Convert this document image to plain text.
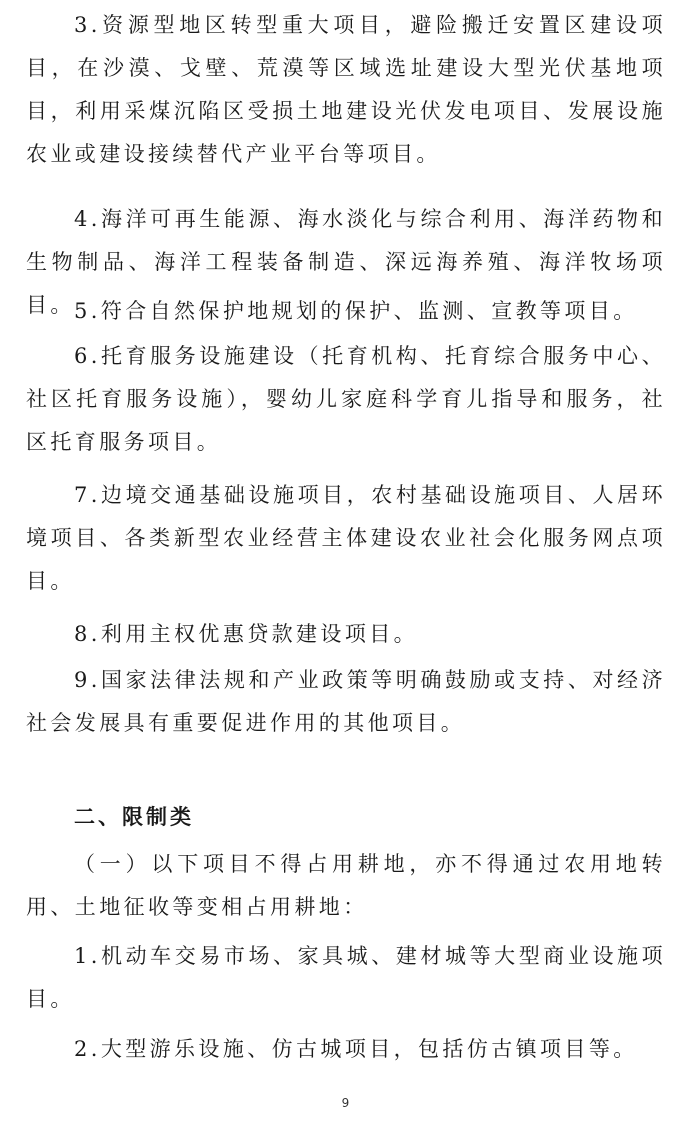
3.资源型地区转型重大项目，避险搬迁安置区建设项目，在沙漠、戈壁、荒漠等区域选址建设大型光伏基地项目，利用采煤沉陷区受损土地建设光伏发电项目、发展设施农业或建设接续替代产业平台等项目。

4.海洋可再生能源、海水淡化与综合利用、海洋药物和生物制品、海洋工程装备制造、深远海养殖、海洋牧场项目。 5.符合自然保护地规划的保护、监测、宣教等项目。

6.托育服务设施建设（托育机构、托育综合服务中心、社区托育服务设施），婴幼儿家庭科学育儿指导和服务，社区托育服务项目。

7.边境交通基础设施项目，农村基础设施项目、人居环境项目、各类新型农业经营主体建设农业社会化服务网点项目。

8.利用主权优惠贷款建设项目。

9.国家法律法规和产业政策等明确鼓励或支持、对经济社会发展具有重要促进作用的其他项目。

二、限制类

（一）以下项目不得占用耕地，亦不得通过农用地转用、土地征收等变相占用耕地：

1.机动车交易市场、家具城、建材城等大型商业设施项目。

2.大型游乐设施、仿古城项目，包括仿古镇项目等。

9
